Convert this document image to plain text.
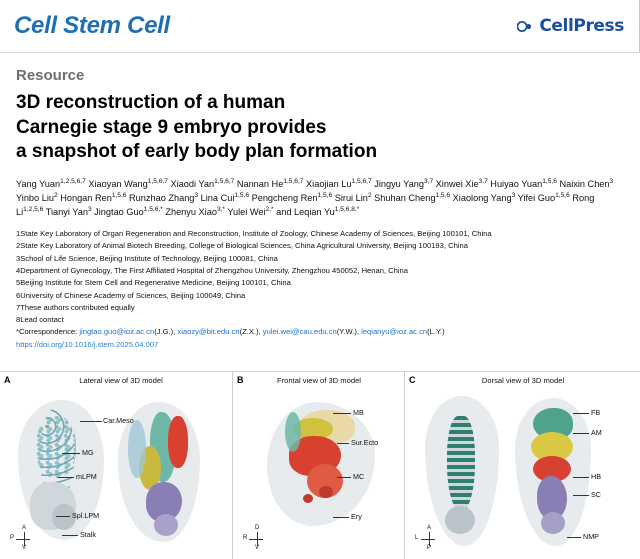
Cell Stem Cell	CellPress
Resource
3D reconstruction of a human
Carnegie stage 9 embryo provides
a snapshot of early body plan formation
Yang Yuan$^{1,2,5,6,7}$ Xiaoyan Wang$^{1,5,6,7}$ Xiaodi Yan$^{1,5,6,7}$ Nannan He$^{1,5,6,7}$ Xiaojian Lu$^{1,5,6,7}$ Jingyu Yang$^{3,7}$ Xinwei Xie$^{3,7}$ Huiyao Yuan$^{1,5,6}$ Naixin Chen$^3$ Yinbo Liu$^2$ Hongan Ren$^{1,5,6}$ Runzhao Zhang$^3$ Lina Cui$^{1,5,6}$ Pengcheng Ren$^{1,5,6}$ Sirui Lin$^2$ Shuhan Cheng$^{1,5,6}$ Xiaolong Yang$^3$ Yifei Guo$^{1,5,6}$ Rong Li$^{1,2,5,6}$ Tianyi Yan$^3$ Jingtao Guo$^{1,5,6,*}$ Zhenyu Xiao$^{3,*}$ Yulei Wei$^{2,*}$ and Leqian $Yu^{1,5,6,8,*}$
1State Key Laboratory of Organ Regeneration and Reconstruction, Institute of Zoology, Chinese Academy of Sciences, Beijing 100101, China
2State Key Laboratory of Animal Biotech Breeding, College of Biological Sciences, China Agricultural University, Beijing 100193, China
3School of Life Science, Beijing Institute of Technology, Beijing 100081, China
4Department of Gynecology, The First Affiliated Hospital of Zhengzhou University, Zhengzhou 450052, Henan, China
5Beijing Institute for Stem Cell and Regenerative Medicine, Beijing 100101, China
6University of Chinese Academy of Sciences, Beijing 100049, China
7These authors contributed equally
8Lead contact
*Correspondence: jingtao.guo@ioz.ac.cn(J.G.), xiaozy@bit.edu.cn(Z.X.), yulei.wei@cau.edu.cn(Y.W.), leqianyu@ioz.ac.cn(L.Y.)
https://doi.org/10.1016/j.stem.2025.04.007
A	Lateral view of 3D model
Car.Meso
MG
mLPM
Spl.LPM
Stalk
A
P
V
B	Frontal view of 3D model
MB
Sur.Ecto
MC
Ery
D
R
V
C	Dorsal view of 3D model
FB
AM
HB
SC
NMP
A
L
P
